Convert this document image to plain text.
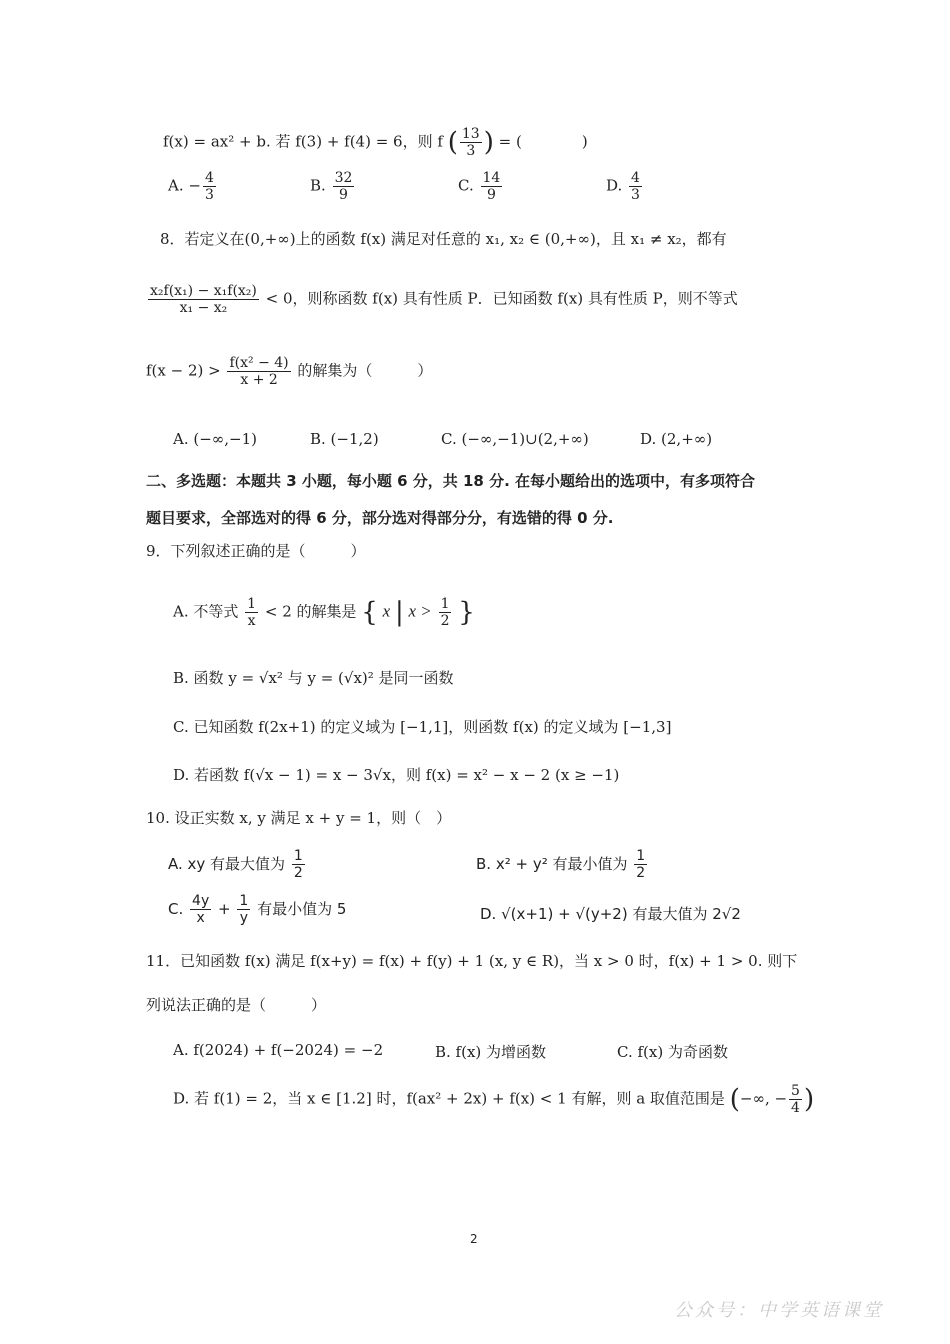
f(x) = ax² + b. 若 f(3) + f(4) = 6，则 f ( $\frac{13}{3}$ ) = (　　　　)
A. − $\frac{4}{3}$	B. $\frac{32}{9}$	C. $\frac{14}{9}$	D. $\frac{4}{3}$
8．若定义在(0,+∞)上的函数 f(x) 满足对任意的 x₁, x₂ ∈ (0,+∞)，且 x₁ ≠ x₂，都有
$\frac{\text{x₂f(x₁) − x₁f(x₂)}}{\text{x₁ − x₂}} < 0$，则称函数 f(x) 具有性质 P．已知函数 f(x) 具有性质 P，则不等式
$f(x - 2) > \frac{\text{f(x² − 4)}}{x + 2}$ 的解集为（　　　）
A. (−∞,−1)	B. (−1,2)	C. (−∞,−1)∪(2,+∞)	D. (2,+∞)
二、多选题：本题共 3 小题，每小题 6 分，共 18 分. 在每小题给出的选项中，有多项符合
题目要求，全部选对的得 6 分，部分选对得部分分，有选错的得 0 分.
9．下列叙述正确的是（　　　）
A. 不等式 $\frac{1}{x} < 2$ 的解集是 { x | $x > \frac{1}{2}$ }
B. 函数 y = √x² 与 y = (√x)² 是同一函数
C. 已知函数 f(2x+1) 的定义域为 [−1,1]，则函数 f(x) 的定义域为 [−1,3]
D. 若函数 f(√x − 1) = x − 3√x，则 f(x) = x² − x − 2 (x ≥ −1)
10. 设正实数 x, y 满足 x + y = 1，则（　）
A. xy 有最大值为 $\frac{1}{2}$	B. x² + y² 有最小值为 $\frac{1}{2}$
C. $\frac{4y}{x} + \frac{1}{y}$ 有最小值为 5	D. √(x+1) + √(y+2) 有最大值为 2√2
11．已知函数 f(x) 满足 f(x+y) = f(x) + f(y) + 1 (x, y ∈ R)，当 x > 0 时，f(x) + 1 > 0. 则下
列说法正确的是（　　　）
A. f(2024) + f(−2024) = −2	B. f(x) 为增函数	C. f(x) 为奇函数
D. 若 f(1) = 2，当 x ∈ [1.2] 时，f(ax² + 2x) + f(x) < 1 有解，则 a 取值范围是 (−∞, − $\frac{5}{4}$ )
2
公众号：中学英语课堂
